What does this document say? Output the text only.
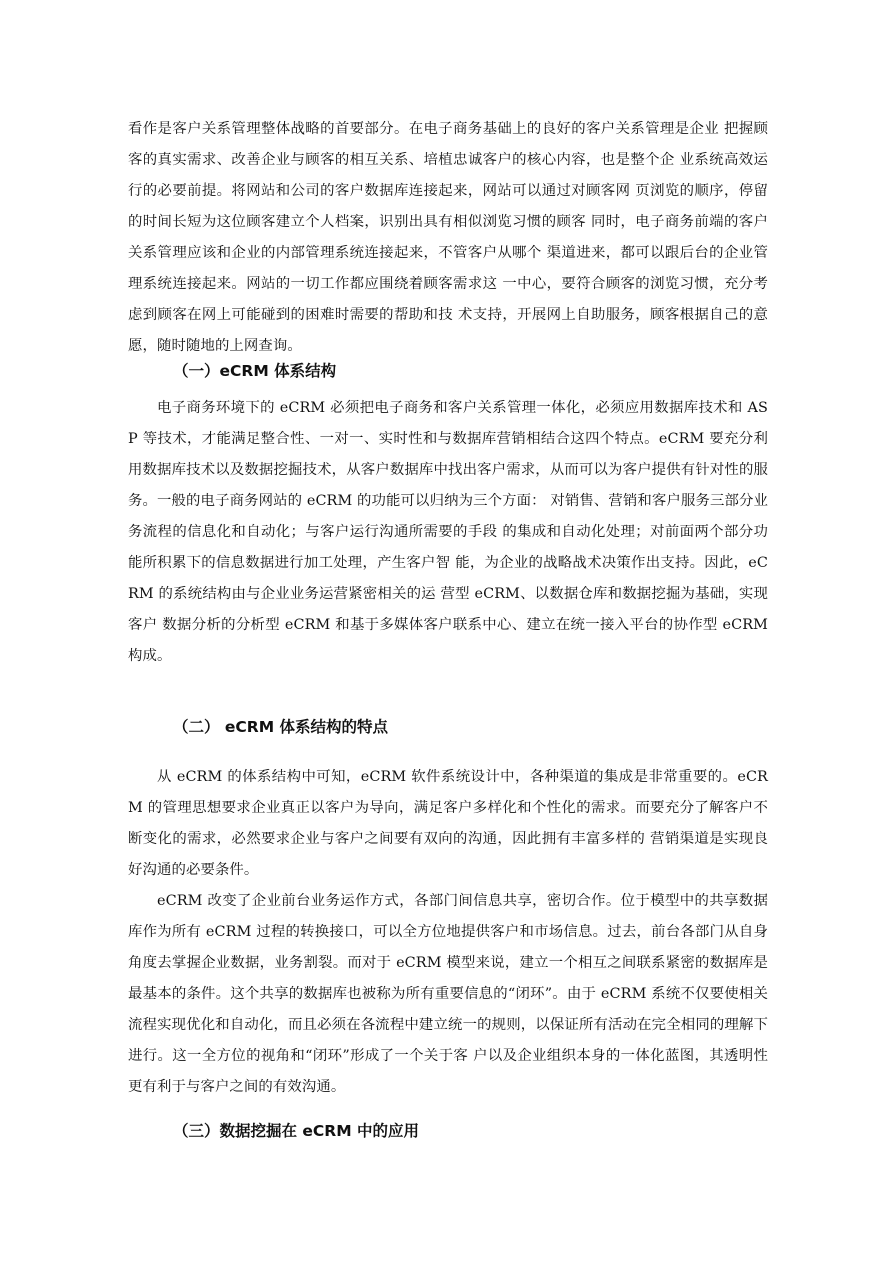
看作是客户关系管理整体战略的首要部分。在电子商务基础上的良好的客户关系管理是企业 把握顾客的真实需求、改善企业与顾客的相互关系、培植忠诚客户的核心内容，也是整个企 业系统高效运行的必要前提。将网站和公司的客户数据库连接起来，网站可以通过对顾客网 页浏览的顺序，停留的时间长短为这位顾客建立个人档案，识别出具有相似浏览习惯的顾客 同时，电子商务前端的客户关系管理应该和企业的内部管理系统连接起来，不管客户从哪个 渠道进来，都可以跟后台的企业管理系统连接起来。网站的一切工作都应围绕着顾客需求这 一中心，要符合顾客的浏览习惯，充分考虑到顾客在网上可能碰到的困难时需要的帮助和技 术支持，开展网上自助服务，顾客根据自己的意愿，随时随地的上网查询。

（一）eCRM 体系结构

电子商务环境下的 eCRM 必须把电子商务和客户关系管理一体化，必须应用数据库技术和 ASP 等技术，才能满足整合性、一对一、实时性和与数据库营销相结合这四个特点。eCRM 要充分利用数据库技术以及数据挖掘技术，从客户数据库中找出客户需求，从而可以为客户提供有针对性的服务。一般的电子商务网站的 eCRM 的功能可以归纳为三个方面： 对销售、营销和客户服务三部分业务流程的信息化和自动化；与客户运行沟通所需要的手段 的集成和自动化处理；对前面两个部分功能所积累下的信息数据进行加工处理，产生客户智 能，为企业的战略战术决策作出支持。因此，eCRM 的系统结构由与企业业务运营紧密相关的运 营型 eCRM、以数据仓库和数据挖掘为基础，实现客户 数据分析的分析型 eCRM 和基于多媒体客户联系中心、建立在统一接入平台的协作型 eCRM 构成。

（二） eCRM 体系结构的特点

从 eCRM 的体系结构中可知，eCRM 软件系统设计中，各种渠道的集成是非常重要的。eCRM 的管理思想要求企业真正以客户为导向，满足客户多样化和个性化的需求。而要充分了解客户不断变化的需求，必然要求企业与客户之间要有双向的沟通，因此拥有丰富多样的 营销渠道是实现良好沟通的必要条件。

eCRM 改变了企业前台业务运作方式，各部门间信息共享，密切合作。位于模型中的共享数据库作为所有 eCRM 过程的转换接口，可以全方位地提供客户和市场信息。过去，前台各部门从自身角度去掌握企业数据，业务割裂。而对于 eCRM 模型来说，建立一个相互之间联系紧密的数据库是最基本的条件。这个共享的数据库也被称为所有重要信息的“闭环”。由于 eCRM 系统不仅要使相关流程实现优化和自动化，而且必须在各流程中建立统一的规则，以保证所有活动在完全相同的理解下进行。这一全方位的视角和“闭环”形成了一个关于客 户以及企业组织本身的一体化蓝图，其透明性更有利于与客户之间的有效沟通。

（三）数据挖掘在 eCRM 中的应用
